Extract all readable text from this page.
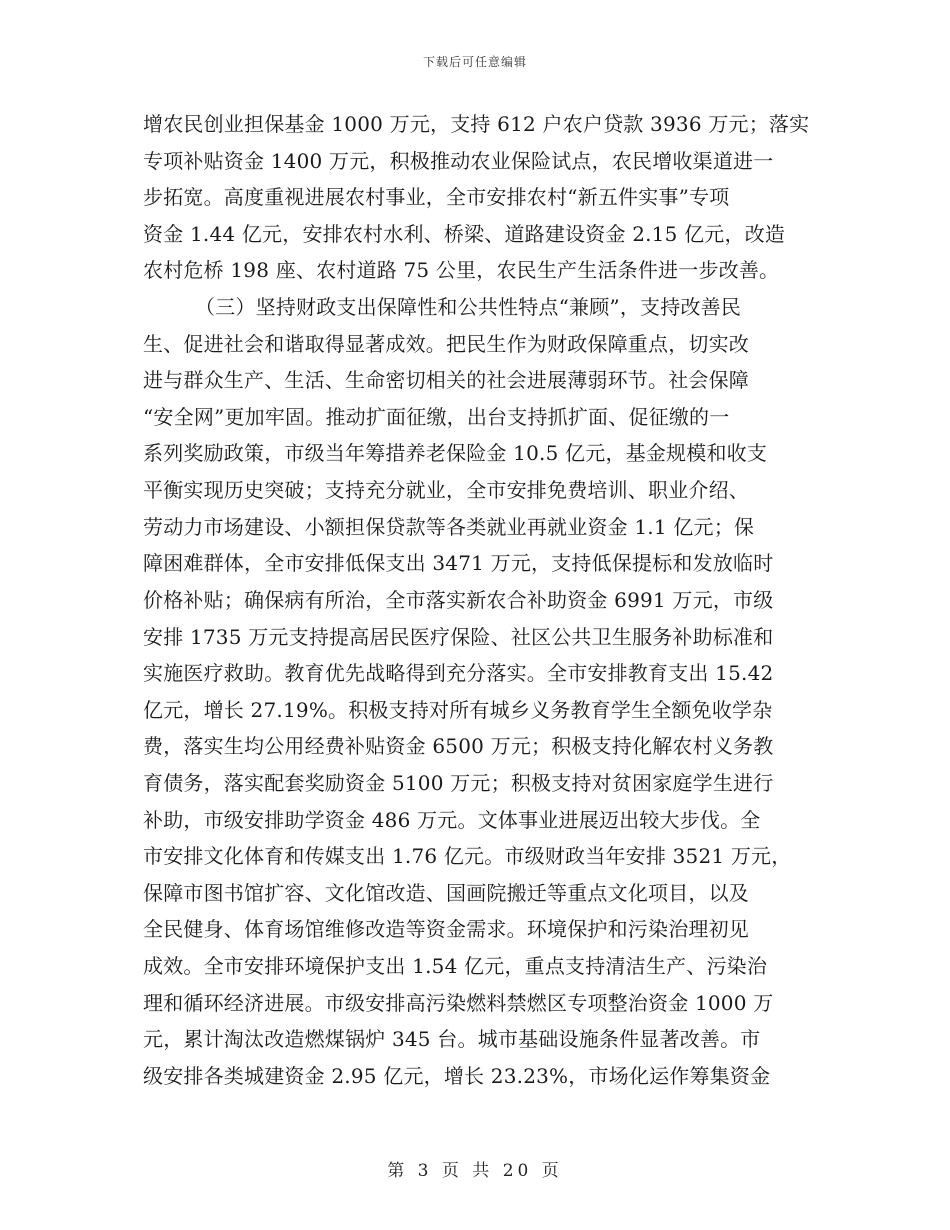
下载后可任意编辑
增农民创业担保基金 1000 万元，支持 612 户农户贷款 3936 万元；落实
专项补贴资金 1400 万元，积极推动农业保险试点，农民增收渠道进一
步拓宽。高度重视进展农村事业，全市安排农村“新五件实事”专项
资金 1.44 亿元，安排农村水利、桥梁、道路建设资金 2.15 亿元，改造
农村危桥 198 座、农村道路 75 公里，农民生产生活条件进一步改善。
（三）坚持财政支出保障性和公共性特点“兼顾”，支持改善民
生、促进社会和谐取得显著成效。把民生作为财政保障重点，切实改
进与群众生产、生活、生命密切相关的社会进展薄弱环节。社会保障
“安全网”更加牢固。推动扩面征缴，出台支持抓扩面、促征缴的一
系列奖励政策，市级当年筹措养老保险金 10.5 亿元，基金规模和收支
平衡实现历史突破；支持充分就业，全市安排免费培训、职业介绍、
劳动力市场建设、小额担保贷款等各类就业再就业资金 1.1 亿元；保
障困难群体，全市安排低保支出 3471 万元，支持低保提标和发放临时
价格补贴；确保病有所治，全市落实新农合补助资金 6991 万元，市级
安排 1735 万元支持提高居民医疗保险、社区公共卫生服务补助标准和
实施医疗救助。教育优先战略得到充分落实。全市安排教育支出 15.42
亿元，增长 27.19%。积极支持对所有城乡义务教育学生全额免收学杂
费，落实生均公用经费补贴资金 6500 万元；积极支持化解农村义务教
育债务，落实配套奖励资金 5100 万元；积极支持对贫困家庭学生进行
补助，市级安排助学资金 486 万元。文体事业进展迈出较大步伐。全
市安排文化体育和传媒支出 1.76 亿元。市级财政当年安排 3521 万元，
保障市图书馆扩容、文化馆改造、国画院搬迁等重点文化项目，以及
全民健身、体育场馆维修改造等资金需求。环境保护和污染治理初见
成效。全市安排环境保护支出 1.54 亿元，重点支持清洁生产、污染治
理和循环经济进展。市级安排高污染燃料禁燃区专项整治资金 1000 万
元，累计淘汰改造燃煤锅炉 345 台。城市基础设施条件显著改善。市
级安排各类城建资金 2.95 亿元，增长 23.23%，市场化运作筹集资金
第 3 页 共 20 页
